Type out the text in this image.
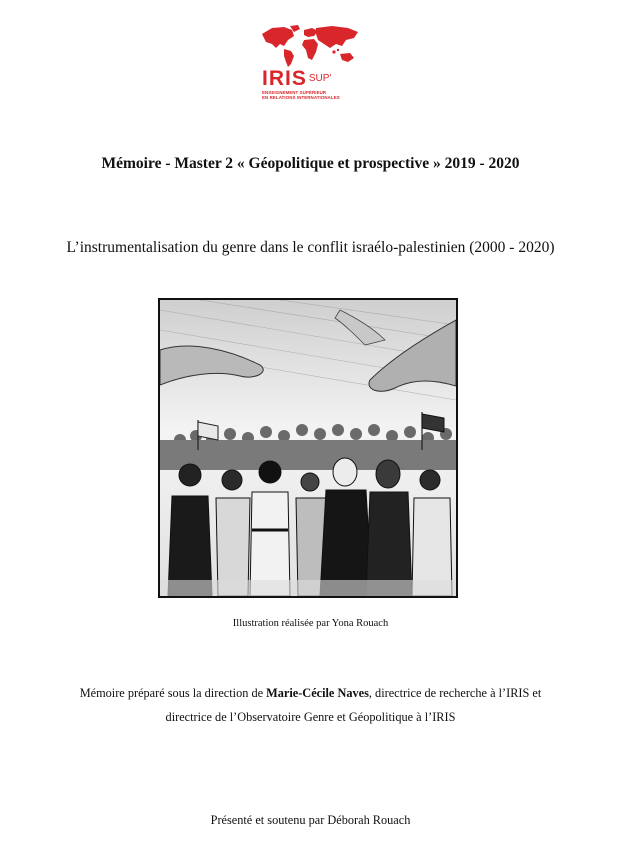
IRIS $^{SUP'}$
ENSEIGNEMENT SUPÉRIEUR
EN RELATIONS INTERNATIONALES
Mémoire - Master 2 « Géopolitique et prospective » 2019 - 2020
L’instrumentalisation du genre dans le conflit israélo-palestinien (2000 - 2020)
Illustration réalisée par Yona Rouach
Mémoire préparé sous la direction de Marie-Cécile Naves, directrice de recherche à l’IRIS et
directrice de l’Observatoire Genre et Géopolitique à l’IRIS
Présenté et soutenu par Déborah Rouach
